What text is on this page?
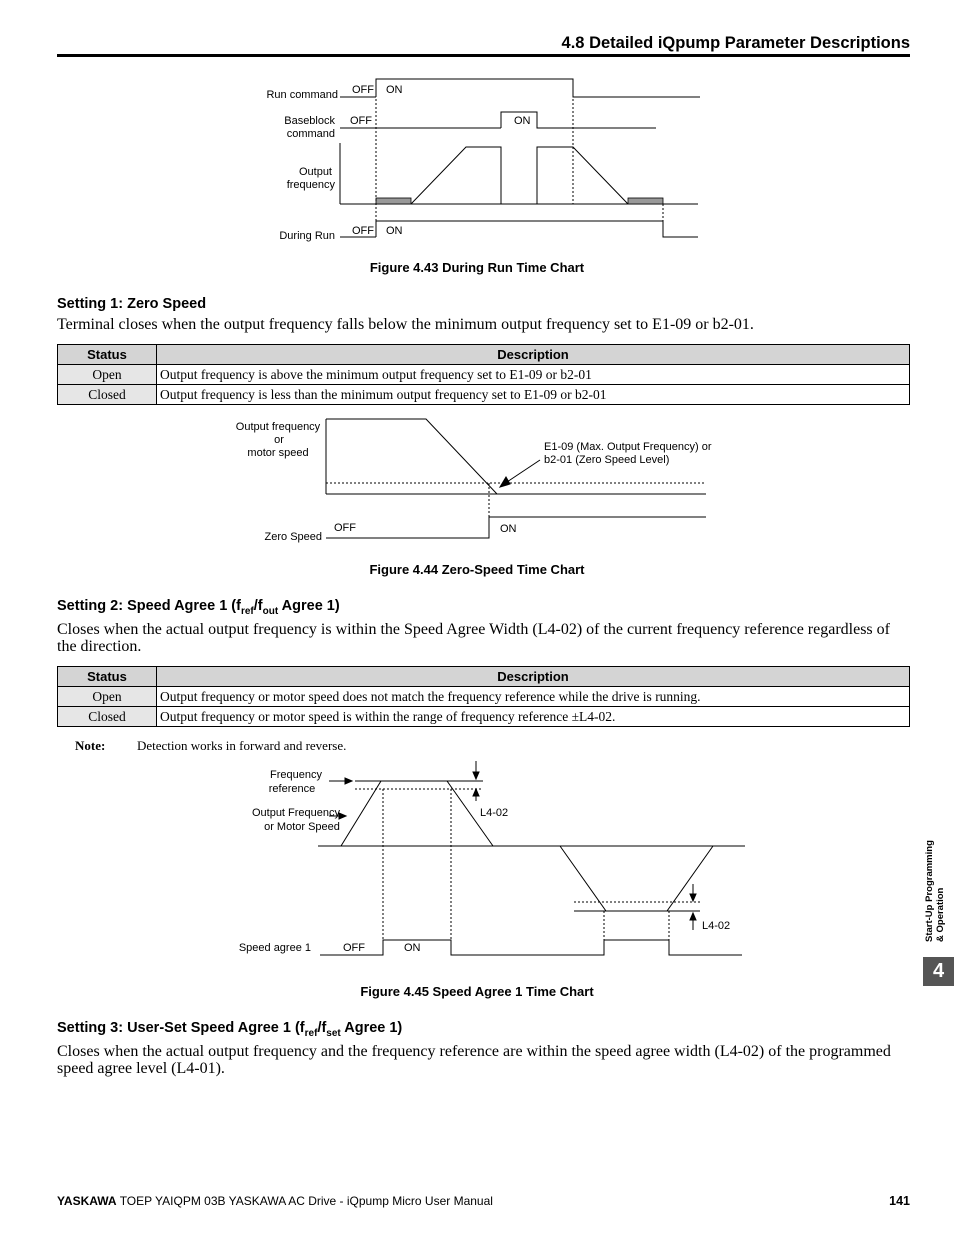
4.8 Detailed iQpump Parameter Descriptions
Run command
Baseblock
command
Output
frequency
During Run
OFF ON
OFF	ON
OFF ON
Figure 4.43 During Run Time Chart
Setting 1: Zero Speed
Terminal closes when the output frequency falls below the minimum output frequency set to E1-09 or b2-01.
Status	Description
Open	Output frequency is above the minimum output frequency set to E1-09 or b2-01
Closed	Output frequency is less than the minimum output frequency set to E1-09 or b2-01
Output frequency
or
motor speed	E1-09 (Max. Output Frequency) or
b2-01 (Zero Speed Level)
Zero Speed
OFF	ON
Figure 4.44 Zero-Speed Time Chart
Setting 2: Speed Agree 1 ($f_{ref}/f_{out}$ Agree 1)
Closes when the actual output frequency is within the Speed Agree Width (L4-02) of the current frequency reference regardless of the direction.
Status	Description
Open	Output frequency or motor speed does not match the frequency reference while the drive is running.
Closed	Output frequency or motor speed is within the range of frequency reference ±L4-02.
Note: Detection works in forward and reverse.
Frequency
reference
Output Frequency
or Motor Speed
L4-02
L4-02
Speed agree 1	OFF	ON
Figure 4.45 Speed Agree 1 Time Chart
Setting 3: User-Set Speed Agree 1 ($f_{ref}/f_{set}$ Agree 1)
Closes when the actual output frequency and the frequency reference are within the speed agree width (L4-02) of the programmed speed agree level (L4-01).
Start-Up Programming & Operation
4
YASKAWA TOEP YAIQPM 03B YASKAWA AC Drive - iQpump Micro User Manual	141
